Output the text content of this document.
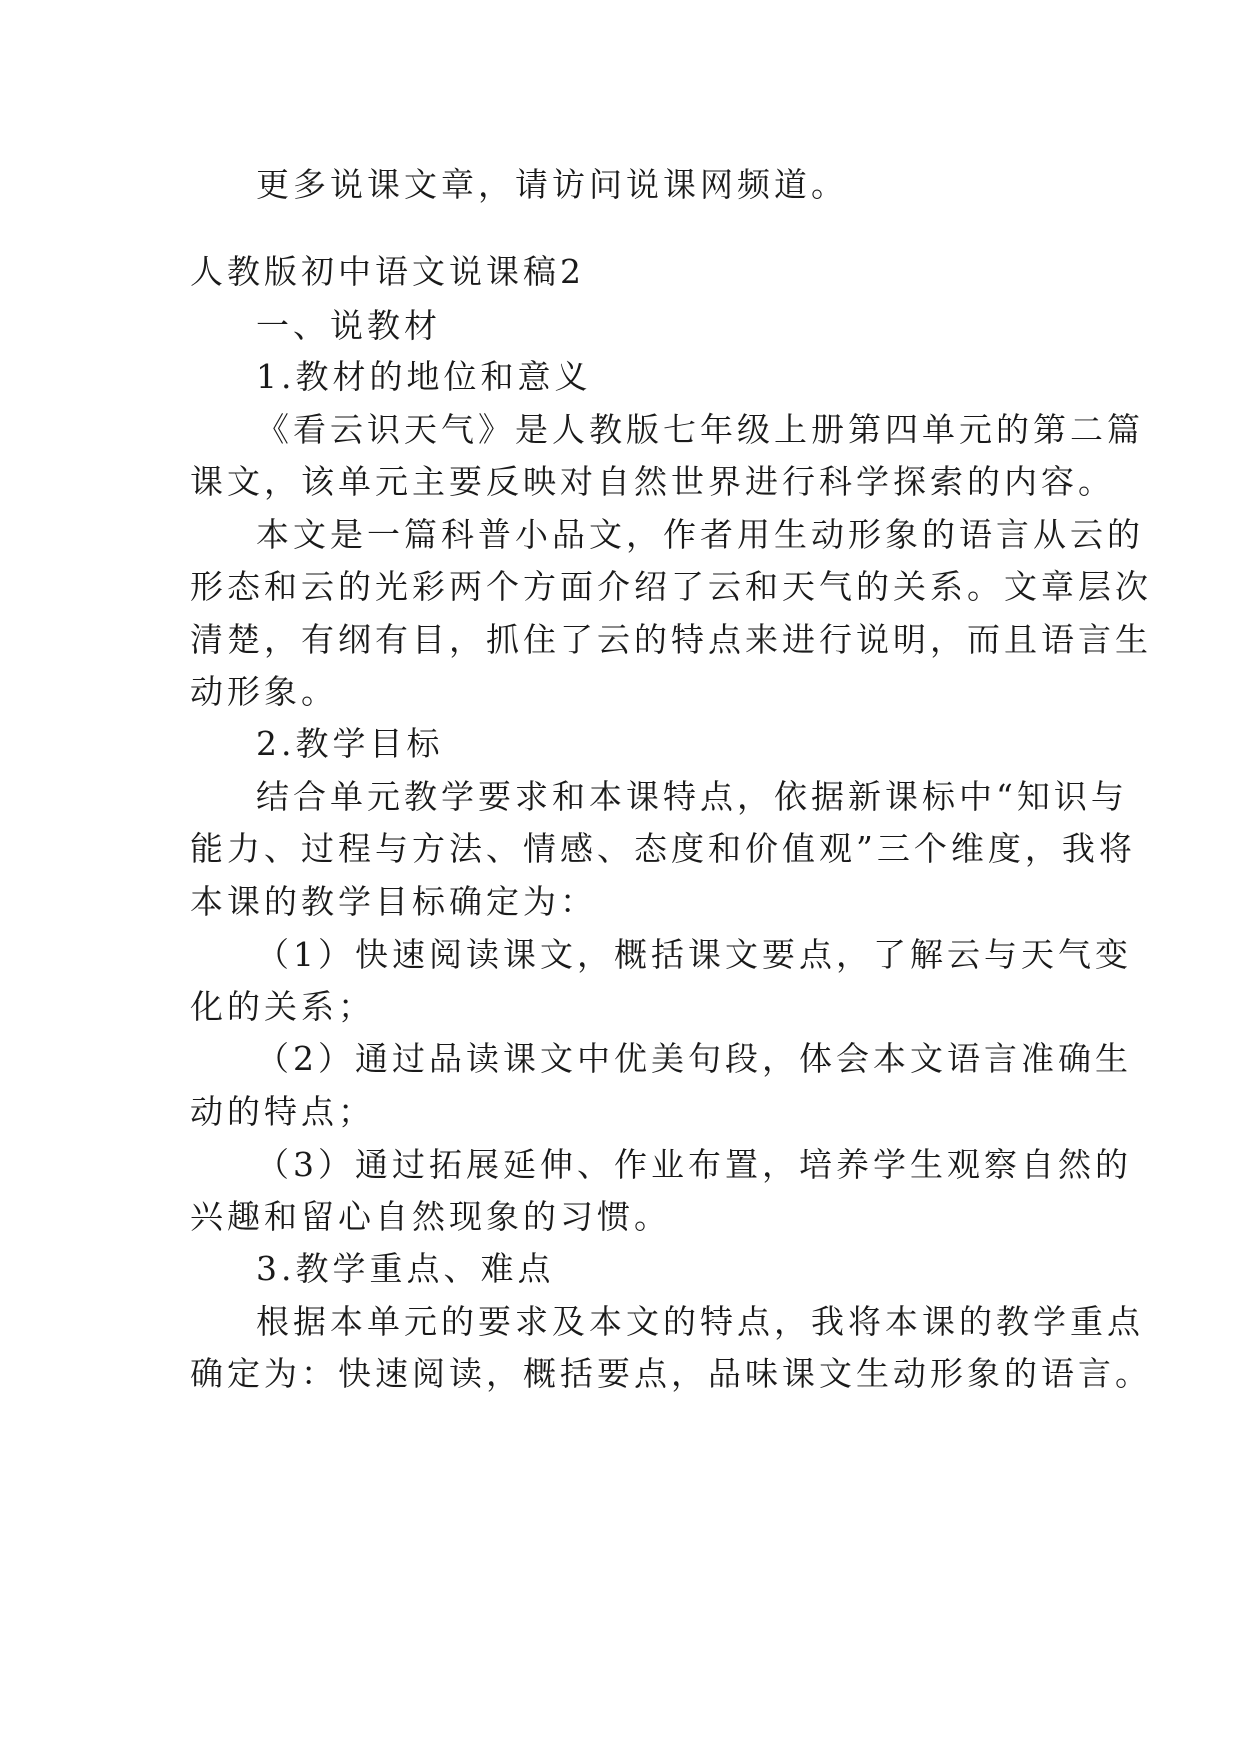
更多说课文章，请访问说课网频道。
人教版初中语文说课稿2
一、说教材
1.教材的地位和意义
《看云识天气》是人教版七年级上册第四单元的第二篇
课文，该单元主要反映对自然世界进行科学探索的内容。
本文是一篇科普小品文，作者用生动形象的语言从云的
形态和云的光彩两个方面介绍了云和天气的关系。文章层次
清楚，有纲有目，抓住了云的特点来进行说明，而且语言生
动形象。
2.教学目标
结合单元教学要求和本课特点，依据新课标中“知识与
能力、过程与方法、情感、态度和价值观”三个维度，我将
本课的教学目标确定为：
（1）快速阅读课文，概括课文要点，了解云与天气变
化的关系；
（2）通过品读课文中优美句段，体会本文语言准确生
动的特点；
（3）通过拓展延伸、作业布置，培养学生观察自然的
兴趣和留心自然现象的习惯。
3.教学重点、难点
根据本单元的要求及本文的特点，我将本课的教学重点
确定为：快速阅读，概括要点，品味课文生动形象的语言。
